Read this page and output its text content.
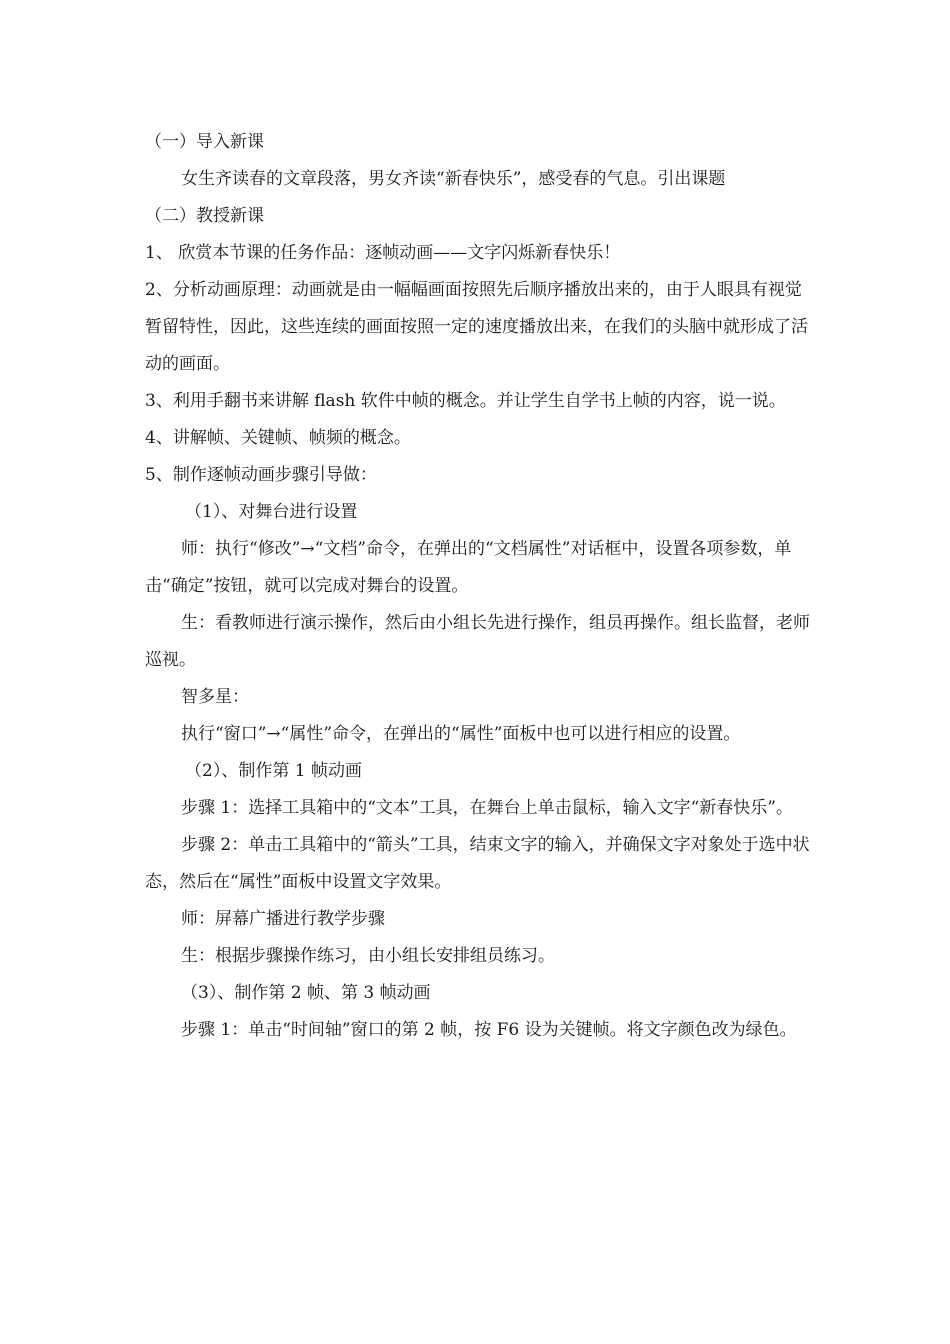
（一）导入新课

女生齐读春的文章段落，男女齐读“新春快乐”，感受春的气息。引出课题

（二）教授新课

1、 欣赏本节课的任务作品：逐帧动画——文字闪烁新春快乐！

2、分析动画原理：动画就是由一幅幅画面按照先后顺序播放出来的，由于人眼具有视觉暂留特性，因此，这些连续的画面按照一定的速度播放出来，在我们的头脑中就形成了活动的画面。

3、利用手翻书来讲解 flash 软件中帧的概念。并让学生自学书上帧的内容，说一说。

4、讲解帧、关键帧、帧频的概念。

5、制作逐帧动画步骤引导做：

（1）、对舞台进行设置

师：执行“修改”→“文档”命令，在弹出的“文档属性”对话框中，设置各项参数，单击“确定”按钮，就可以完成对舞台的设置。

生：看教师进行演示操作，然后由小组长先进行操作，组员再操作。组长监督，老师巡视。

智多星：

执行“窗口”→“属性”命令，在弹出的“属性”面板中也可以进行相应的设置。

（2）、制作第 1 帧动画

步骤 1：选择工具箱中的“文本”工具，在舞台上单击鼠标，输入文字“新春快乐”。

步骤 2：单击工具箱中的“箭头”工具，结束文字的输入，并确保文字对象处于选中状态，然后在“属性”面板中设置文字效果。

师：屏幕广播进行教学步骤

生：根据步骤操作练习，由小组长安排组员练习。

（3）、制作第 2 帧、第 3 帧动画

步骤 1：单击“时间轴”窗口的第 2 帧，按 F6 设为关键帧。将文字颜色改为绿色。
